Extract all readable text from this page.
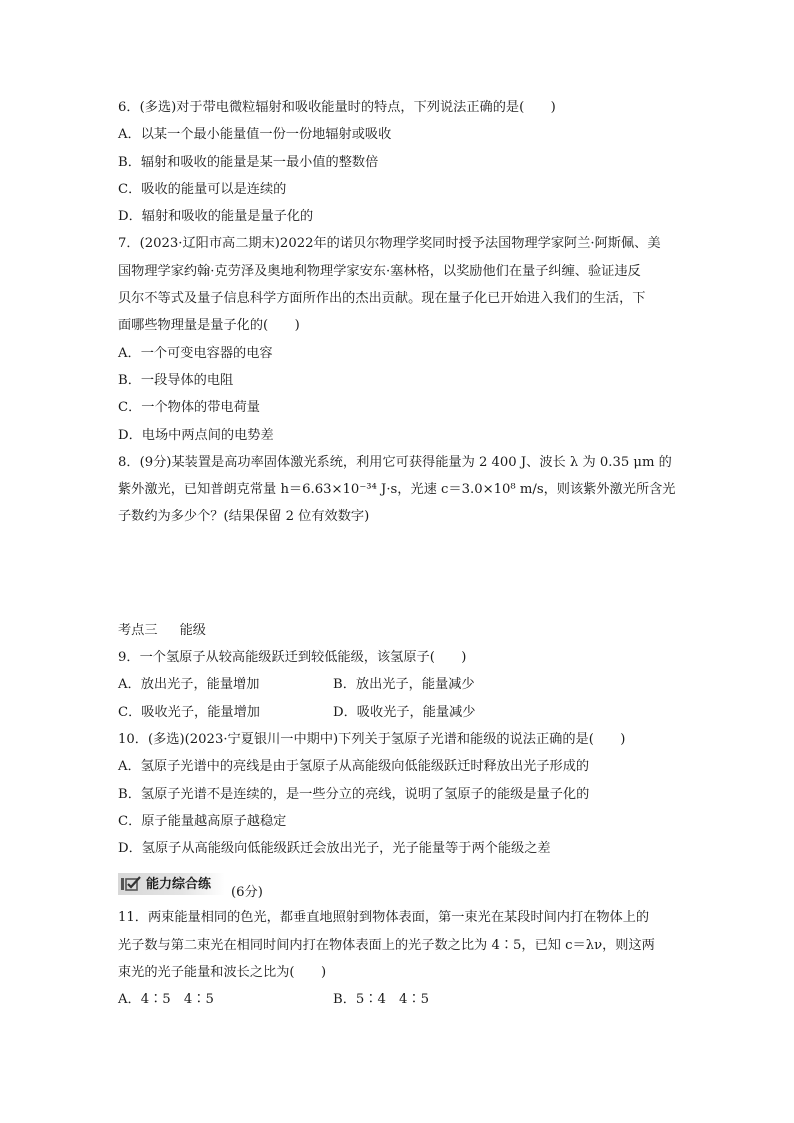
6．(多选)对于带电微粒辐射和吸收能量时的特点，下列说法正确的是(　　)
A．以某一个最小能量值一份一份地辐射或吸收
B．辐射和吸收的能量是某一最小值的整数倍
C．吸收的能量可以是连续的
D．辐射和吸收的能量是量子化的
7．(2023·辽阳市高二期末)2022年的诺贝尔物理学奖同时授予法国物理学家阿兰·阿斯佩、美
国物理学家约翰·克劳泽及奥地利物理学家安东·塞林格，以奖励他们在量子纠缠、验证违反
贝尔不等式及量子信息科学方面所作出的杰出贡献。现在量子化已开始进入我们的生活，下
面哪些物理量是量子化的(　　)
A．一个可变电容器的电容
B．一段导体的电阻
C．一个物体的带电荷量
D．电场中两点间的电势差
8．(9分)某装置是高功率固体激光系统，利用它可获得能量为 2 400 J、波长 λ 为 0.35 μm 的
紫外激光，已知普朗克常量 h＝6.63×10⁻³⁴ J·s，光速 c＝3.0×10⁸ m/s，则该紫外激光所含光
子数约为多少个？(结果保留 2 位有效数字)
考点三 能级
9．一个氢原子从较高能级跃迁到较低能级，该氢原子(　　)
A．放出光子，能量增加	B．放出光子，能量减少
C．吸收光子，能量增加	D．吸收光子，能量减少
10．(多选)(2023·宁夏银川一中期中)下列关于氢原子光谱和能级的说法正确的是(　　)
A．氢原子光谱中的亮线是由于氢原子从高能级向低能级跃迁时释放出光子形成的
B．氢原子光谱不是连续的，是一些分立的亮线，说明了氢原子的能级是量子化的
C．原子能量越高原子越稳定
D．氢原子从高能级向低能级跃迁会放出光子，光子能量等于两个能级之差
能力综合练
(6分)
11．两束能量相同的色光，都垂直地照射到物体表面，第一束光在某段时间内打在物体上的
光子数与第二束光在相同时间内打在物体表面上的光子数之比为 4∶5，已知 c＝λν，则这两
束光的光子能量和波长之比为(　　)
A．4∶5　4∶5	B．5∶4　4∶5
